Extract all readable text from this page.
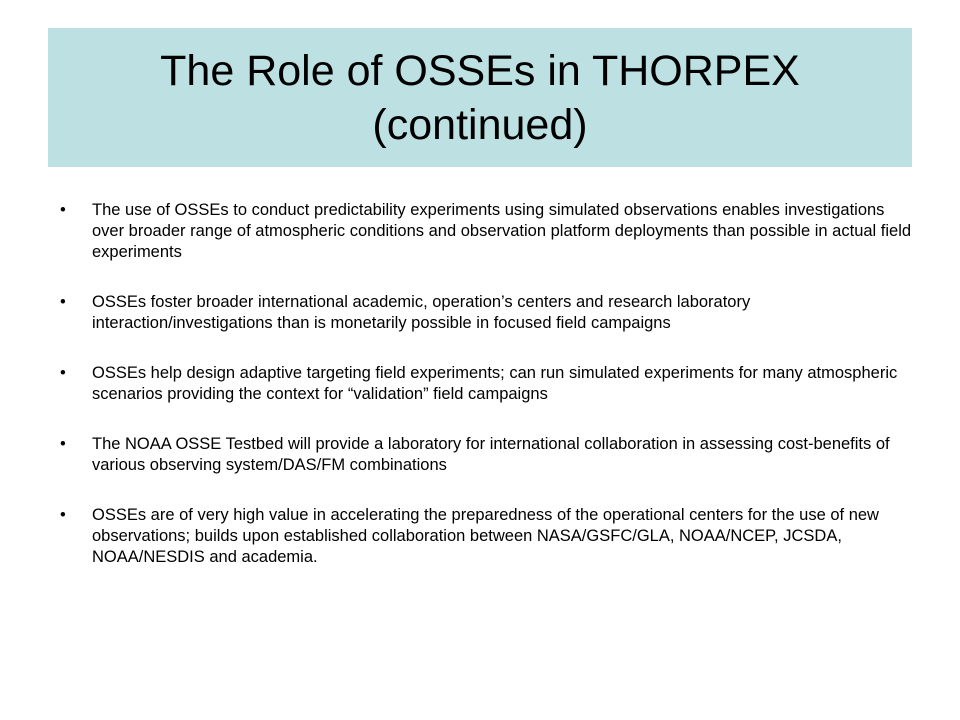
The Role of OSSEs in THORPEX
(continued)
•	The use of OSSEs to conduct predictability experiments using simulated observations enables investigations over broader range of atmospheric conditions and observation platform deployments than possible in actual field experiments
•	OSSEs foster broader international academic, operation’s centers and research laboratory interaction/investigations than is monetarily possible in focused field campaigns
•	OSSEs help design adaptive targeting field experiments; can run simulated experiments for many atmospheric scenarios providing the context for “validation” field campaigns
•	The NOAA OSSE Testbed will provide a laboratory for international collaboration in assessing cost-benefits of various observing system/DAS/FM combinations
•	OSSEs are of very high value in accelerating the preparedness of the operational centers for the use of new observations; builds upon established collaboration between NASA/GSFC/GLA, NOAA/NCEP, JCSDA, NOAA/NESDIS and academia.
